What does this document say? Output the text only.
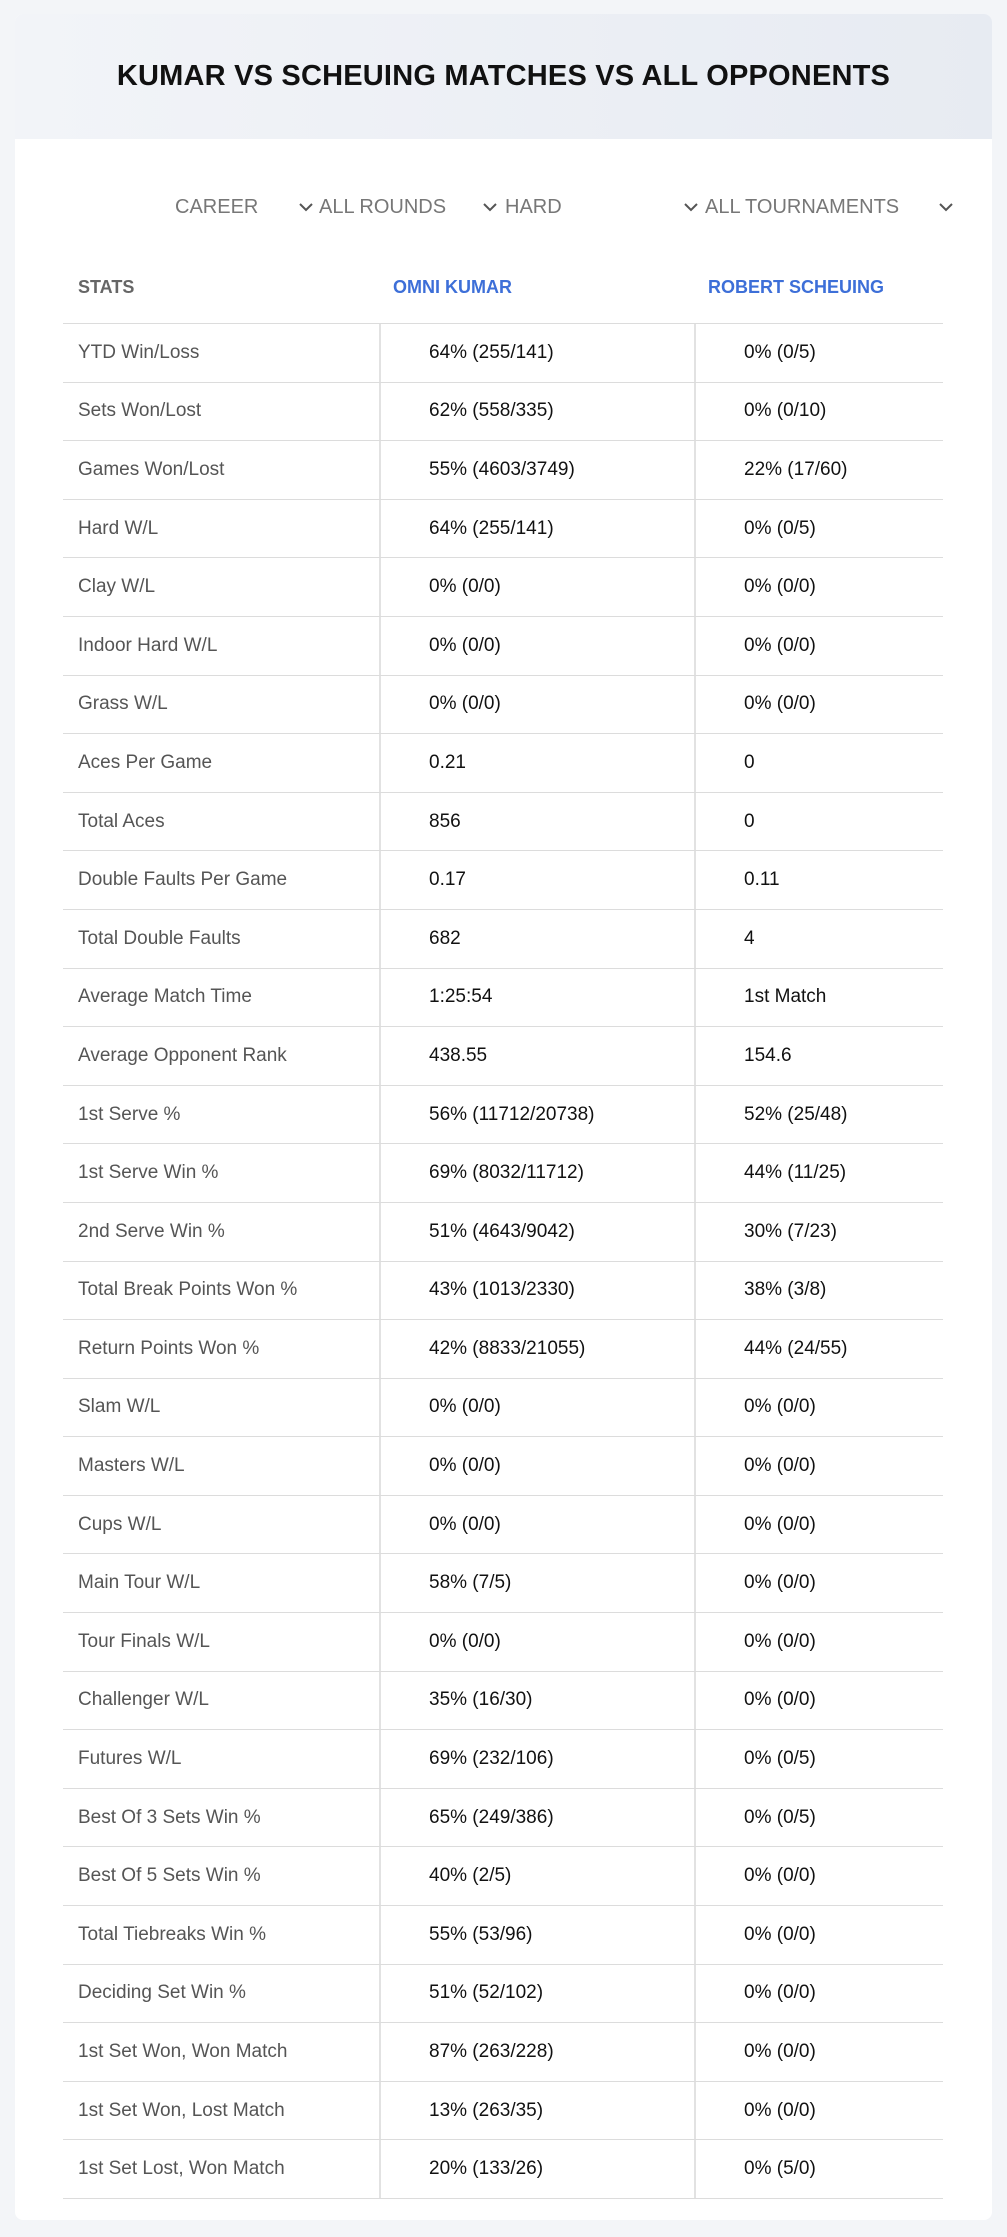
KUMAR VS SCHEUING MATCHES VS ALL OPPONENTS
CAREER	ALL ROUNDS	HARD	ALL TOURNAMENTS
STATS	OMNI KUMAR	ROBERT SCHEUING
YTD Win/Loss	64% (255/141)	0% (0/5)
Sets Won/Lost	62% (558/335)	0% (0/10)
Games Won/Lost	55% (4603/3749)	22% (17/60)
Hard W/L	64% (255/141)	0% (0/5)
Clay W/L	0% (0/0)	0% (0/0)
Indoor Hard W/L	0% (0/0)	0% (0/0)
Grass W/L	0% (0/0)	0% (0/0)
Aces Per Game	0.21	0
Total Aces	856	0
Double Faults Per Game	0.17	0.11
Total Double Faults	682	4
Average Match Time	1:25:54	1st Match
Average Opponent Rank	438.55	154.6
1st Serve %	56% (11712/20738)	52% (25/48)
1st Serve Win %	69% (8032/11712)	44% (11/25)
2nd Serve Win %	51% (4643/9042)	30% (7/23)
Total Break Points Won %	43% (1013/2330)	38% (3/8)
Return Points Won %	42% (8833/21055)	44% (24/55)
Slam W/L	0% (0/0)	0% (0/0)
Masters W/L	0% (0/0)	0% (0/0)
Cups W/L	0% (0/0)	0% (0/0)
Main Tour W/L	58% (7/5)	0% (0/0)
Tour Finals W/L	0% (0/0)	0% (0/0)
Challenger W/L	35% (16/30)	0% (0/0)
Futures W/L	69% (232/106)	0% (0/5)
Best Of 3 Sets Win %	65% (249/386)	0% (0/5)
Best Of 5 Sets Win %	40% (2/5)	0% (0/0)
Total Tiebreaks Win %	55% (53/96)	0% (0/0)
Deciding Set Win %	51% (52/102)	0% (0/0)
1st Set Won, Won Match	87% (263/228)	0% (0/0)
1st Set Won, Lost Match	13% (263/35)	0% (0/0)
1st Set Lost, Won Match	20% (133/26)	0% (5/0)
